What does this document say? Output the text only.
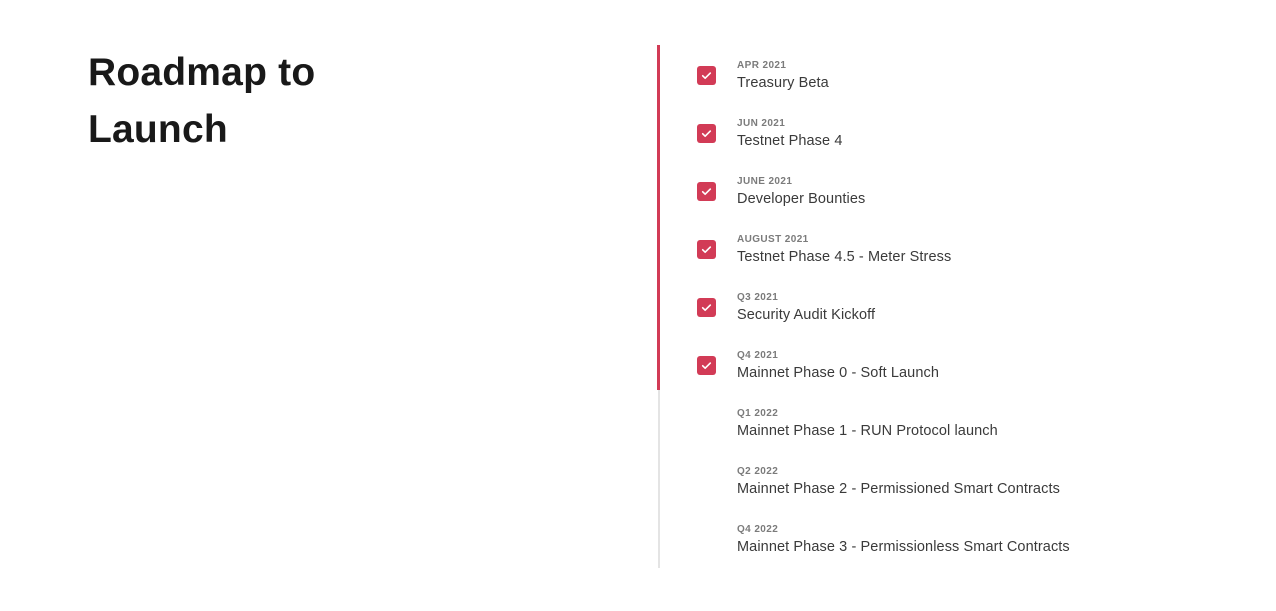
Roadmap to
Launch
APR 2021
Treasury Beta
JUN 2021
Testnet Phase 4
JUNE 2021
Developer Bounties
AUGUST 2021
Testnet Phase 4.5 - Meter Stress
Q3 2021
Security Audit Kickoff
Q4 2021
Mainnet Phase 0 - Soft Launch
Q1 2022
Mainnet Phase 1 - RUN Protocol launch
Q2 2022
Mainnet Phase 2 - Permissioned Smart Contracts
Q4 2022
Mainnet Phase 3 - Permissionless Smart Contracts
